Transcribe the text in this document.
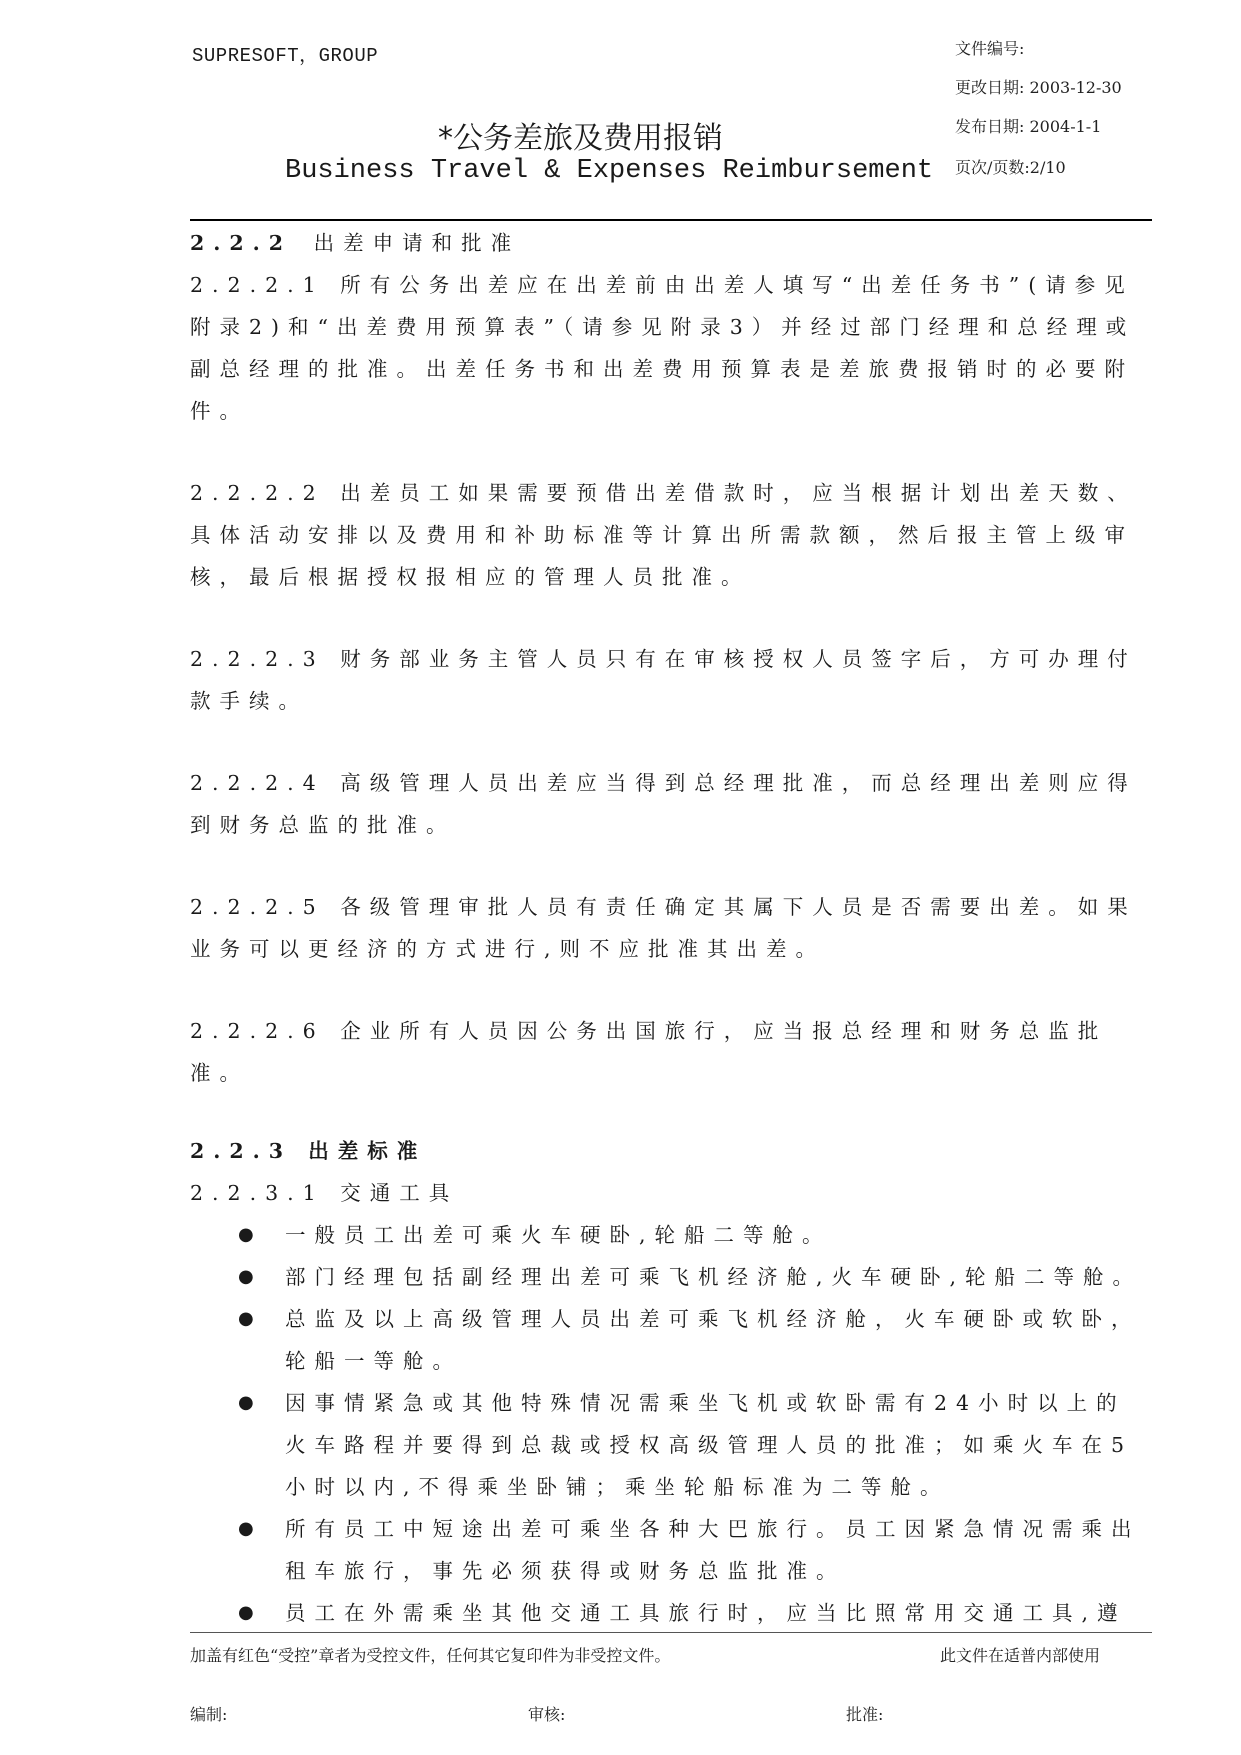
SUPRESOFT，GROUP	文件编号:
更改日期: 2003-12-30
发布日期: 2004-1-1
页次/页数:2/10
*公务差旅及费用报销
Business Travel & Expenses Reimbursement

2.2.2 出差申请和批准

2.2.2.1 所有公务出差应在出差前由出差人填写“出差任务书”(请参见附录2)和“出差费用预算表”（请参见附录3）并经过部门经理和总经理或副总经理的批准。出差任务书和出差费用预算表是差旅费报销时的必要附件。

2.2.2.2 出差员工如果需要预借出差借款时，应当根据计划出差天数、具体活动安排以及费用和补助标准等计算出所需款额，然后报主管上级审核，最后根据授权报相应的管理人员批准。

2.2.2.3 财务部业务主管人员只有在审核授权人员签字后，方可办理付款手续。

2.2.2.4 高级管理人员出差应当得到总经理批准，而总经理出差则应得到财务总监的批准。

2.2.2.5 各级管理审批人员有责任确定其属下人员是否需要出差。如果业务可以更经济的方式进行,则不应批准其出差。

2.2.2.6 企业所有人员因公务出国旅行，应当报总经理和财务总监批准。

2.2.3 出差标准

2.2.3.1 交通工具

● 一般员工出差可乘火车硬卧,轮船二等舱。
● 部门经理包括副经理出差可乘飞机经济舱,火车硬卧,轮船二等舱。
● 总监及以上高级管理人员出差可乘飞机经济舱，火车硬卧或软卧，轮船一等舱。
● 因事情紧急或其他特殊情况需乘坐飞机或软卧需有24小时以上的火车路程并要得到总裁或授权高级管理人员的批准；如乘火车在5小时以内,不得乘坐卧铺；乘坐轮船标准为二等舱。
● 所有员工中短途出差可乘坐各种大巴旅行。员工因紧急情况需乘出租车旅行，事先必须获得或财务总监批准。
● 员工在外需乘坐其他交通工具旅行时，应当比照常用交通工具,遵
加盖有红色“受控”章者为受控文件，任何其它复印件为非受控文件。	此文件在适普内部使用
编制:	审核:	批准:
